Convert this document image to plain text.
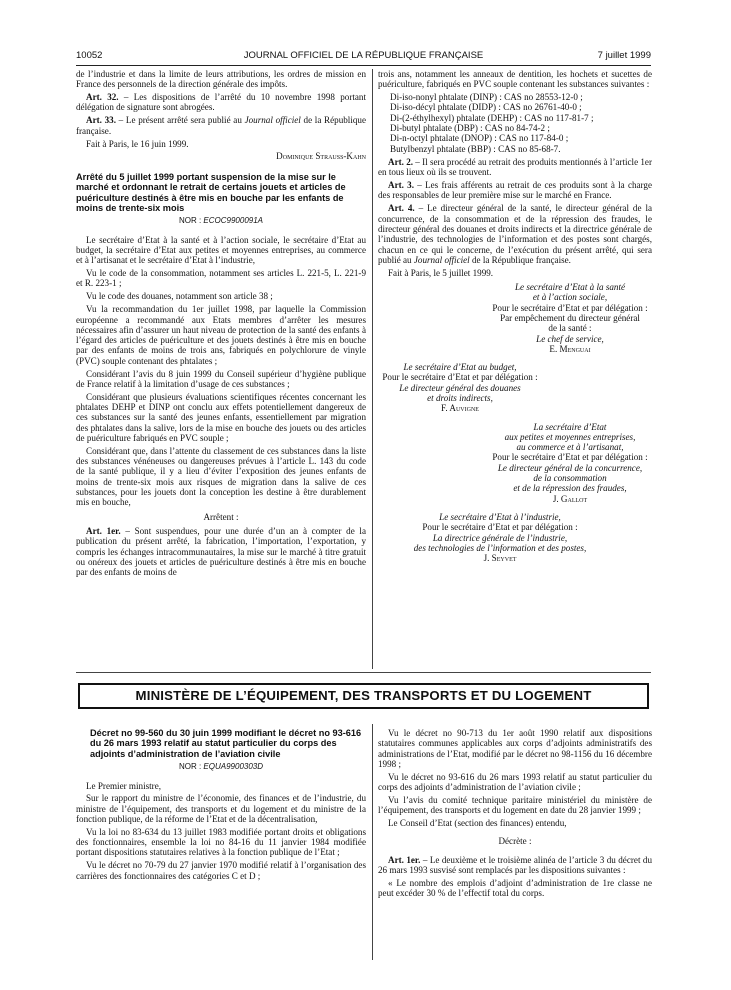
10052	JOURNAL OFFICIEL DE LA RÉPUBLIQUE FRANÇAISE	7 juillet 1999

de l’industrie et dans la limite de leurs attributions, les ordres de mission en France des personnels de la direction générale des impôts.

Art. 32. – Les dispositions de l’arrêté du 10 novembre 1998 portant délégation de signature sont abrogées.

Art. 33. – Le présent arrêté sera publié au Journal officiel de la République française.

Fait à Paris, le 16 juin 1999.

Dominique Strauss-Kahn

Arrêté du 5 juillet 1999 portant suspension de la mise sur le marché et ordonnant le retrait de certains jouets et articles de puériculture destinés à être mis en bouche par les enfants de moins de trente-six mois

NOR : ECOC9900091A

Le secrétaire d’Etat à la santé et à l’action sociale, le secrétaire d’Etat au budget, la secrétaire d’Etat aux petites et moyennes entreprises, au commerce et à l’artisanat et le secrétaire d’Etat à l’industrie,

Vu le code de la consommation, notamment ses articles L. 221-5, L. 221-9 et R. 223-1 ;

Vu le code des douanes, notamment son article 38 ;

Vu la recommandation du 1er juillet 1998, par laquelle la Commission européenne a recommandé aux Etats membres d’arrêter les mesures nécessaires afin d’assurer un haut niveau de protection de la santé des enfants à l’égard des articles de puériculture et des jouets destinés à être mis en bouche par des enfants de moins de trois ans, fabriqués en polychlorure de vinyle (PVC) souple contenant des phtalates ;

Considérant l’avis du 8 juin 1999 du Conseil supérieur d’hygiène publique de France relatif à la limitation d’usage de ces substances ;

Considérant que plusieurs évaluations scientifiques récentes concernant les phtalates DEHP et DINP ont conclu aux effets potentiellement dangereux de ces substances sur la santé des jeunes enfants, essentiellement par migration des phtalates dans la salive, lors de la mise en bouche des jouets ou des articles de puériculture fabriqués en PVC souple ;

Considérant que, dans l’attente du classement de ces substances dans la liste des substances vénéneuses ou dangereuses prévues à l’article L. 143 du code de la santé publique, il y a lieu d’éviter l’exposition des jeunes enfants de moins de trente-six mois aux risques de migration dans la salive de ces substances, pour les jouets dont la conception les destine à être durablement mis en bouche,

Arrêtent :

Art. 1er. – Sont suspendues, pour une durée d’un an à compter de la publication du présent arrêté, la fabrication, l’importation, l’exportation, y compris les échanges intracommunautaires, la mise sur le marché à titre gratuit ou onéreux des jouets et articles de puériculture destinés à être mis en bouche par des enfants de moins de

trois ans, notamment les anneaux de dentition, les hochets et sucettes de puériculture, fabriqués en PVC souple contenant les substances suivantes :

Di-iso-nonyl phtalate (DINP) : CAS no 28553-12-0 ;

Di-iso-décyl phtalate (DIDP) : CAS no 26761-40-0 ;

Di-(2-éthylhexyl) phtalate (DEHP) : CAS no 117-81-7 ;

Di-butyl phtalate (DBP) : CAS no 84-74-2 ;

Di-n-octyl phtalate (DNOP) : CAS no 117-84-0 ;

Butylbenzyl phtalate (BBP) : CAS no 85-68-7.

Art. 2. – Il sera procédé au retrait des produits mentionnés à l’article 1er en tous lieux où ils se trouvent.

Art. 3. – Les frais afférents au retrait de ces produits sont à la charge des responsables de leur première mise sur le marché en France.

Art. 4. – Le directeur général de la santé, le directeur général de la concurrence, de la consommation et de la répression des fraudes, le directeur général des douanes et droits indirects et la directrice générale de l’industrie, des technologies de l’information et des postes sont chargés, chacun en ce qui le concerne, de l’exécution du présent arrêté, qui sera publié au Journal officiel de la République française.

Fait à Paris, le 5 juillet 1999.

Le secrétaire d’Etat à la santé

et à l’action sociale,

Pour le secrétaire d’Etat et par délégation :

Par empêchement du directeur général

de la santé :

Le chef de service,

E. Menguai

Le secrétaire d’Etat au budget,

Pour le secrétaire d’Etat et par délégation :

Le directeur général des douanes

et droits indirects,

F. Auvigne

La secrétaire d’Etat

aux petites et moyennes entreprises,

au commerce et à l’artisanat,

Pour le secrétaire d’Etat et par délégation :

Le directeur général de la concurrence,

de la consommation

et de la répression des fraudes,

J. Gallot

Le secrétaire d’Etat à l’industrie,

Pour le secrétaire d’Etat et par délégation :

La directrice générale de l’industrie,

des technologies de l’information et des postes,

J. Seyvet

MINISTÈRE DE L’ÉQUIPEMENT, DES TRANSPORTS ET DU LOGEMENT

Décret no 99-560 du 30 juin 1999 modifiant le décret no 93-616 du 26 mars 1993 relatif au statut particulier du corps des adjoints d’administration de l’aviation civile

NOR : EQUA9900303D

Le Premier ministre,

Sur le rapport du ministre de l’économie, des finances et de l’industrie, du ministre de l’équipement, des transports et du logement et du ministre de la fonction publique, de la réforme de l’Etat et de la décentralisation,

Vu la loi no 83-634 du 13 juillet 1983 modifiée portant droits et obligations des fonctionnaires, ensemble la loi no 84-16 du 11 janvier 1984 modifiée portant dispositions statutaires relatives à la fonction publique de l’Etat ;

Vu le décret no 70-79 du 27 janvier 1970 modifié relatif à l’organisation des carrières des fonctionnaires des catégories C et D ;

Vu le décret no 90-713 du 1er août 1990 relatif aux dispositions statutaires communes applicables aux corps d’adjoints administratifs des administrations de l’Etat, modifié par le décret no 98-1156 du 16 décembre 1998 ;

Vu le décret no 93-616 du 26 mars 1993 relatif au statut particulier du corps des adjoints d’administration de l’aviation civile ;

Vu l’avis du comité technique paritaire ministériel du ministère de l’équipement, des transports et du logement en date du 28 janvier 1999 ;

Le Conseil d’Etat (section des finances) entendu,

Décrète :

Art. 1er. – Le deuxième et le troisième alinéa de l’article 3 du décret du 26 mars 1993 susvisé sont remplacés par les dispositions suivantes :

« Le nombre des emplois d’adjoint d’administration de 1re classe ne peut excéder 30 % de l’effectif total du corps.
